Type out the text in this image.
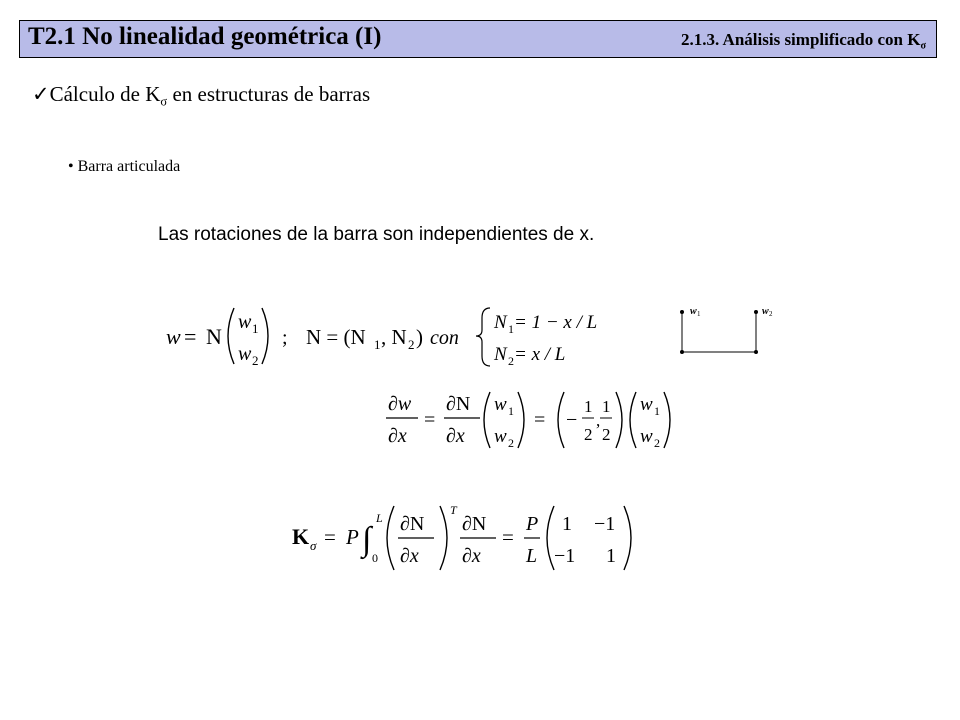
T2.1 No linealidad geométrica (I)	2.1.3. Análisis simplificado con $K_\sigma$
✓Cálculo de $K_\sigma$ en estructuras de barras
• Barra articulada
Las rotaciones de la barra son independientes de x.
w = N
w 1
w 2
; N = (N 1 , N 2 ) con
N 1 = 1 − x / L
N 2 = x / L
w 1	w 2
∂w
∂x
=
∂N
∂x
w 1
w 2
= −
1
2
,
1
2
w 1
w 2
K σ = P ∫
L
0
∂N
∂x
T
∂N
∂x
=
P
L
1 −1
−1 1
